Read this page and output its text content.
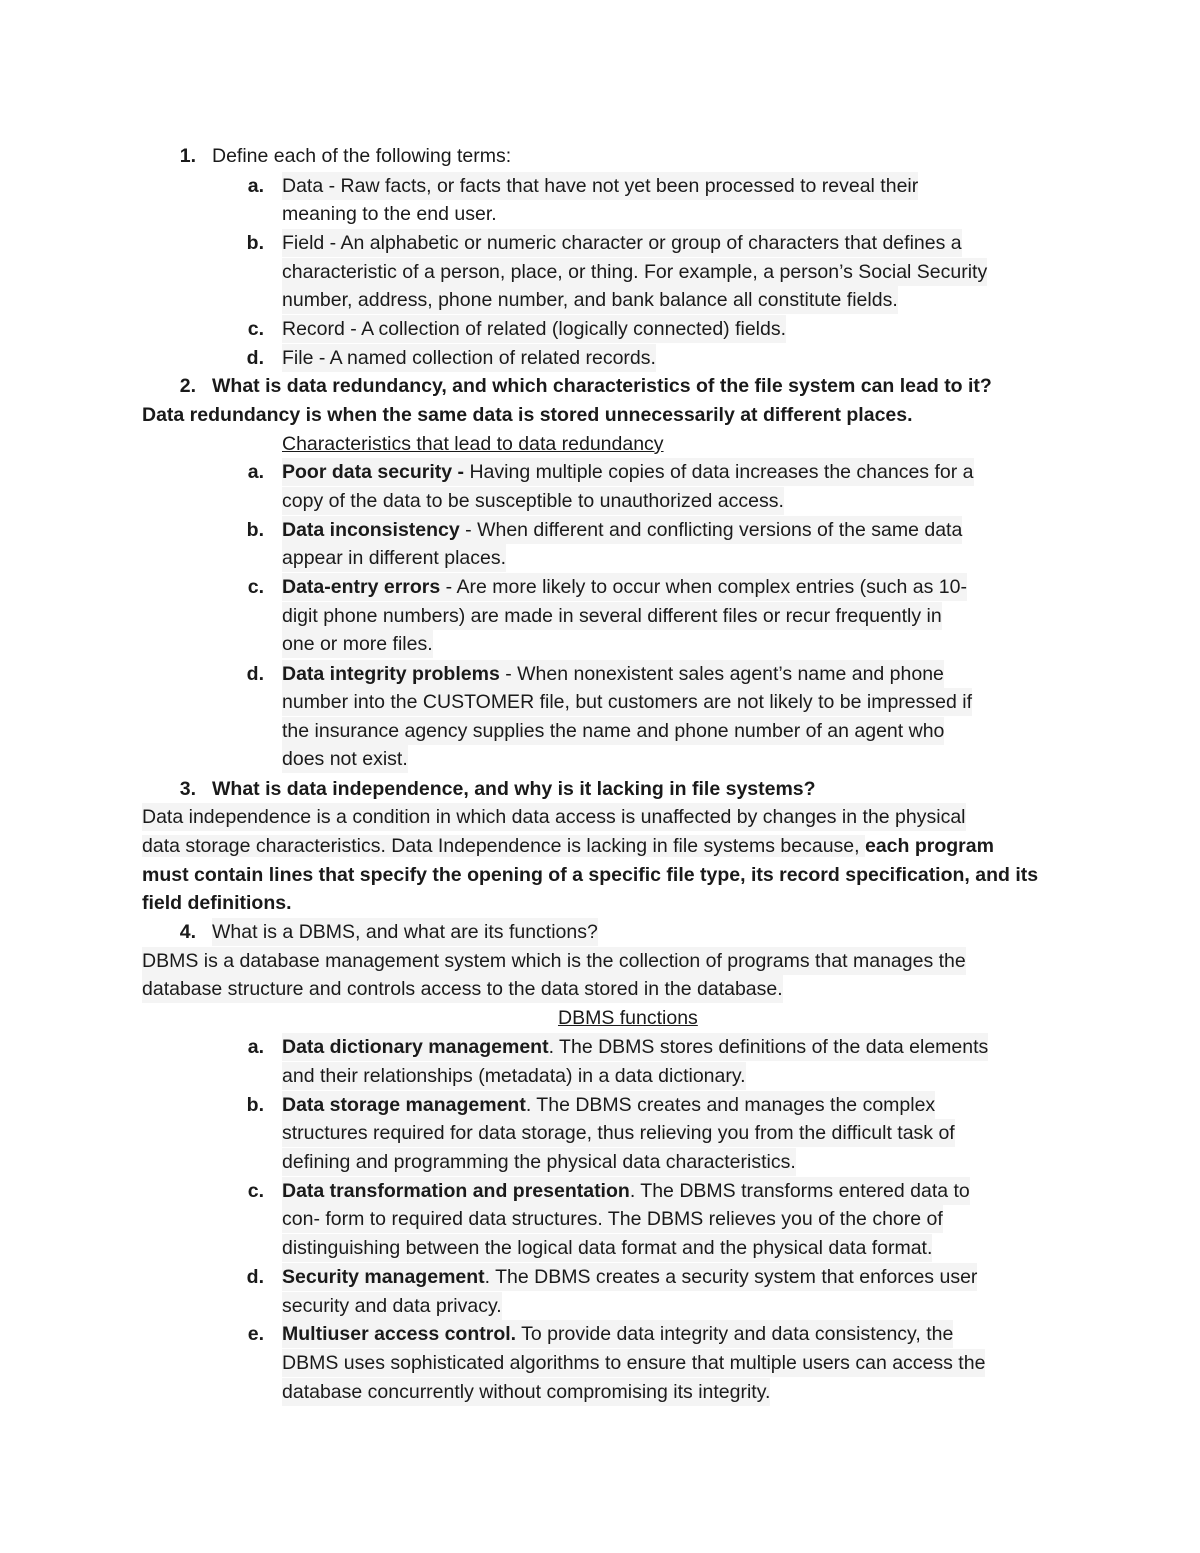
1. Define each of the following terms:
a. Data - Raw facts, or facts that have not yet been processed to reveal their
meaning to the end user.
b. Field - An alphabetic or numeric character or group of characters that defines a
characteristic of a person, place, or thing. For example, a person’s Social Security
number, address, phone number, and bank balance all constitute fields.
c. Record - A collection of related (logically connected) fields.
d. File - A named collection of related records.
2. What is data redundancy, and which characteristics of the file system can lead to it?
Data redundancy is when the same data is stored unnecessarily at different places.
Characteristics that lead to data redundancy
a. Poor data security - Having multiple copies of data increases the chances for a
copy of the data to be susceptible to unauthorized access.
b. Data inconsistency - When different and conflicting versions of the same data
appear in different places.
c. Data-entry errors - Are more likely to occur when complex entries (such as 10-
digit phone numbers) are made in several different files or recur frequently in
one or more files.
d. Data integrity problems - When nonexistent sales agent’s name and phone
number into the CUSTOMER file, but customers are not likely to be impressed if
the insurance agency supplies the name and phone number of an agent who
does not exist.
3. What is data independence, and why is it lacking in file systems?
Data independence is a condition in which data access is unaffected by changes in the physical
data storage characteristics. Data Independence is lacking in file systems because, each program
must contain lines that specify the opening of a specific file type, its record specification, and its
field definitions.
4. What is a DBMS, and what are its functions?
DBMS is a database management system which is the collection of programs that manages the
database structure and controls access to the data stored in the database.
DBMS functions
a. Data dictionary management. The DBMS stores definitions of the data elements
and their relationships (metadata) in a data dictionary.
b. Data storage management. The DBMS creates and manages the complex
structures required for data storage, thus relieving you from the difficult task of
defining and programming the physical data characteristics.
c. Data transformation and presentation. The DBMS transforms entered data to
con- form to required data structures. The DBMS relieves you of the chore of
distinguishing between the logical data format and the physical data format.
d. Security management. The DBMS creates a security system that enforces user
security and data privacy.
e. Multiuser access control. To provide data integrity and data consistency, the
DBMS uses sophisticated algorithms to ensure that multiple users can access the
database concurrently without compromising its integrity.
